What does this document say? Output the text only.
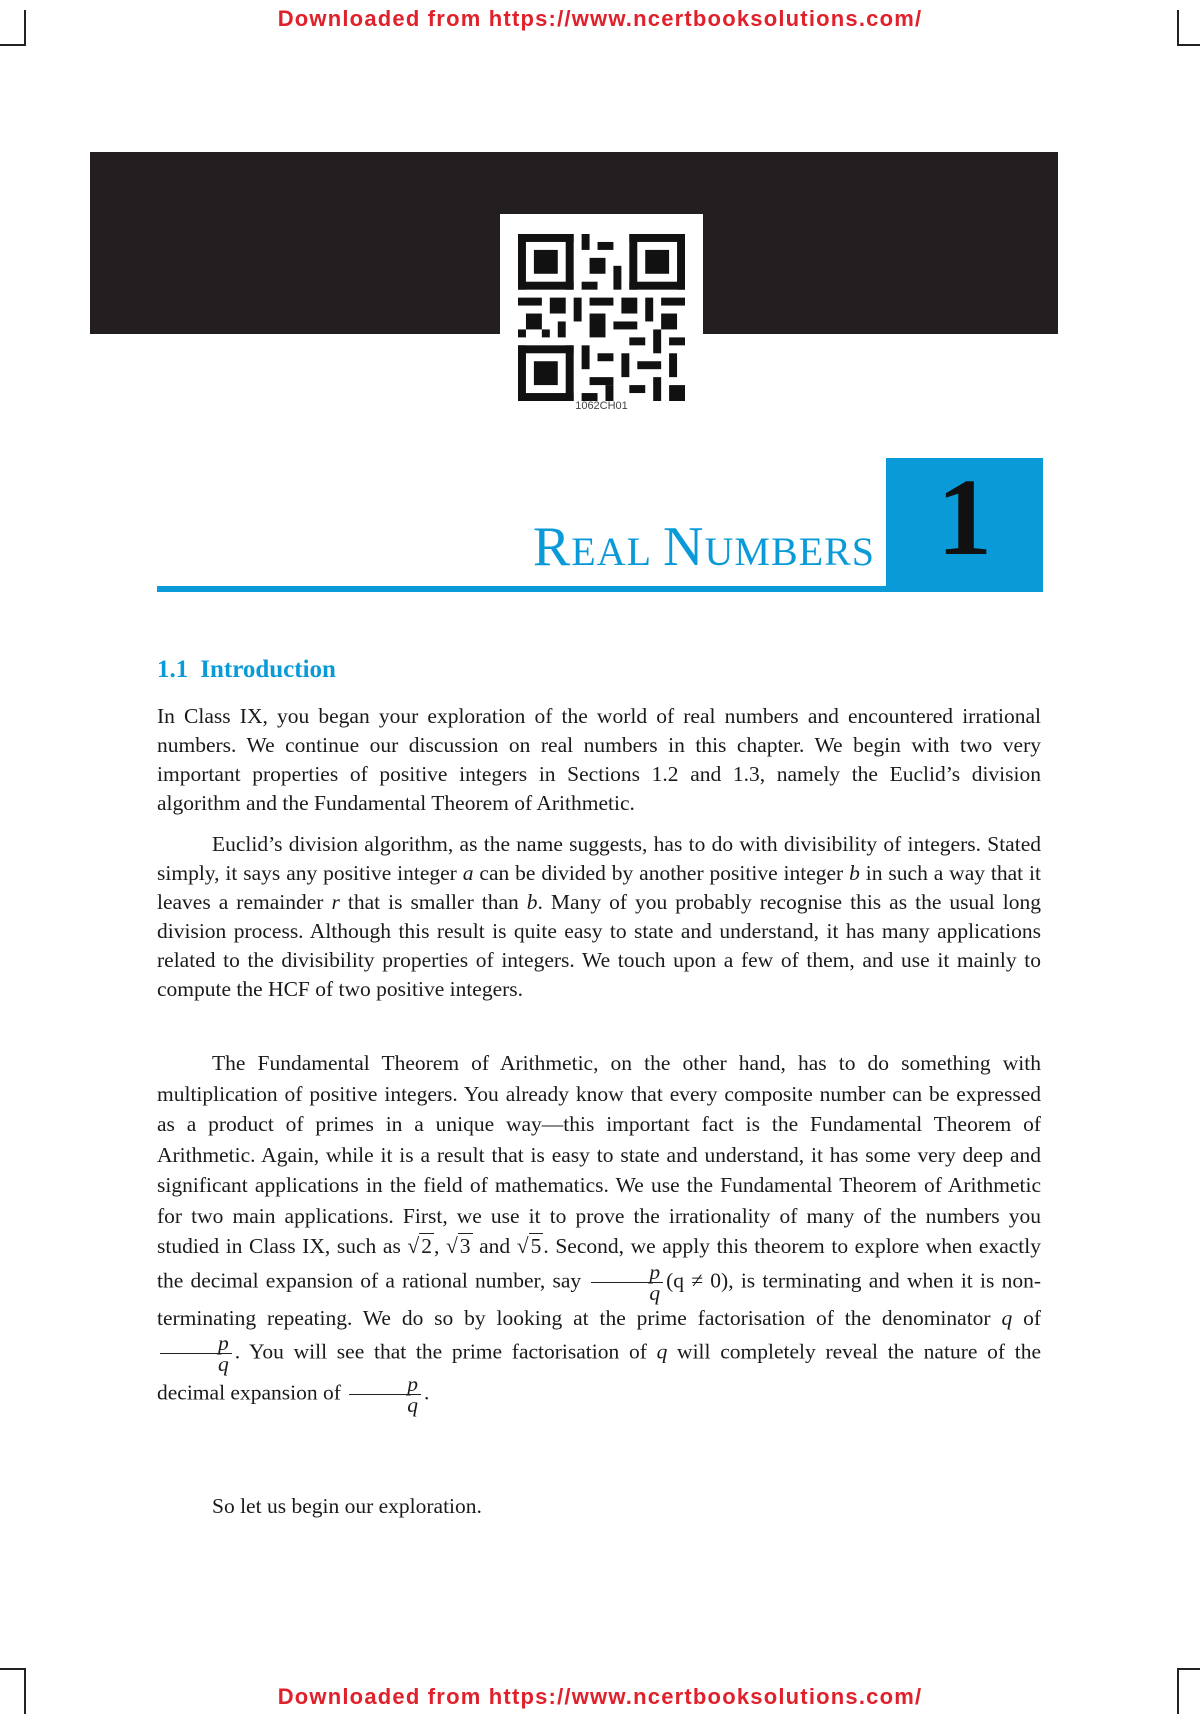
Downloaded from https://www.ncertbooksolutions.com/
1062CH01
1
REAL NUMBERS
1.1 Introduction
In Class IX, you began your exploration of the world of real numbers and encountered irrational numbers. We continue our discussion on real numbers in this chapter. We begin with two very important properties of positive integers in Sections 1.2 and 1.3, namely the Euclid’s division algorithm and the Fundamental Theorem of Arithmetic.
Euclid’s division algorithm, as the name suggests, has to do with divisibility of integers. Stated simply, it says any positive integer a can be divided by another positive integer b in such a way that it leaves a remainder r that is smaller than b. Many of you probably recognise this as the usual long division process. Although this result is quite easy to state and understand, it has many applications related to the divisibility properties of integers. We touch upon a few of them, and use it mainly to compute the HCF of two positive integers.
The Fundamental Theorem of Arithmetic, on the other hand, has to do something with multiplication of positive integers. You already know that every composite number can be expressed as a product of primes in a unique way—this important fact is the Fundamental Theorem of Arithmetic. Again, while it is a result that is easy to state and understand, it has some very deep and significant applications in the field of mathematics. We use the Fundamental Theorem of Arithmetic for two main applications. First, we use it to prove the irrationality of many of the numbers you studied in Class IX, such as √2, √3 and √5. Second, we apply this theorem to explore when exactly the decimal expansion of a rational number, say $\frac{p}{q} (q \ne 0)$, is terminating and when it is non-terminating repeating. We do so by looking at the prime factorisation of the denominator q of
$\frac{p}{q}$ . You will see that the prime factorisation of q will completely reveal the nature of the decimal expansion of $\frac{p}{q}$ .
So let us begin our exploration.
Downloaded from https://www.ncertbooksolutions.com/
